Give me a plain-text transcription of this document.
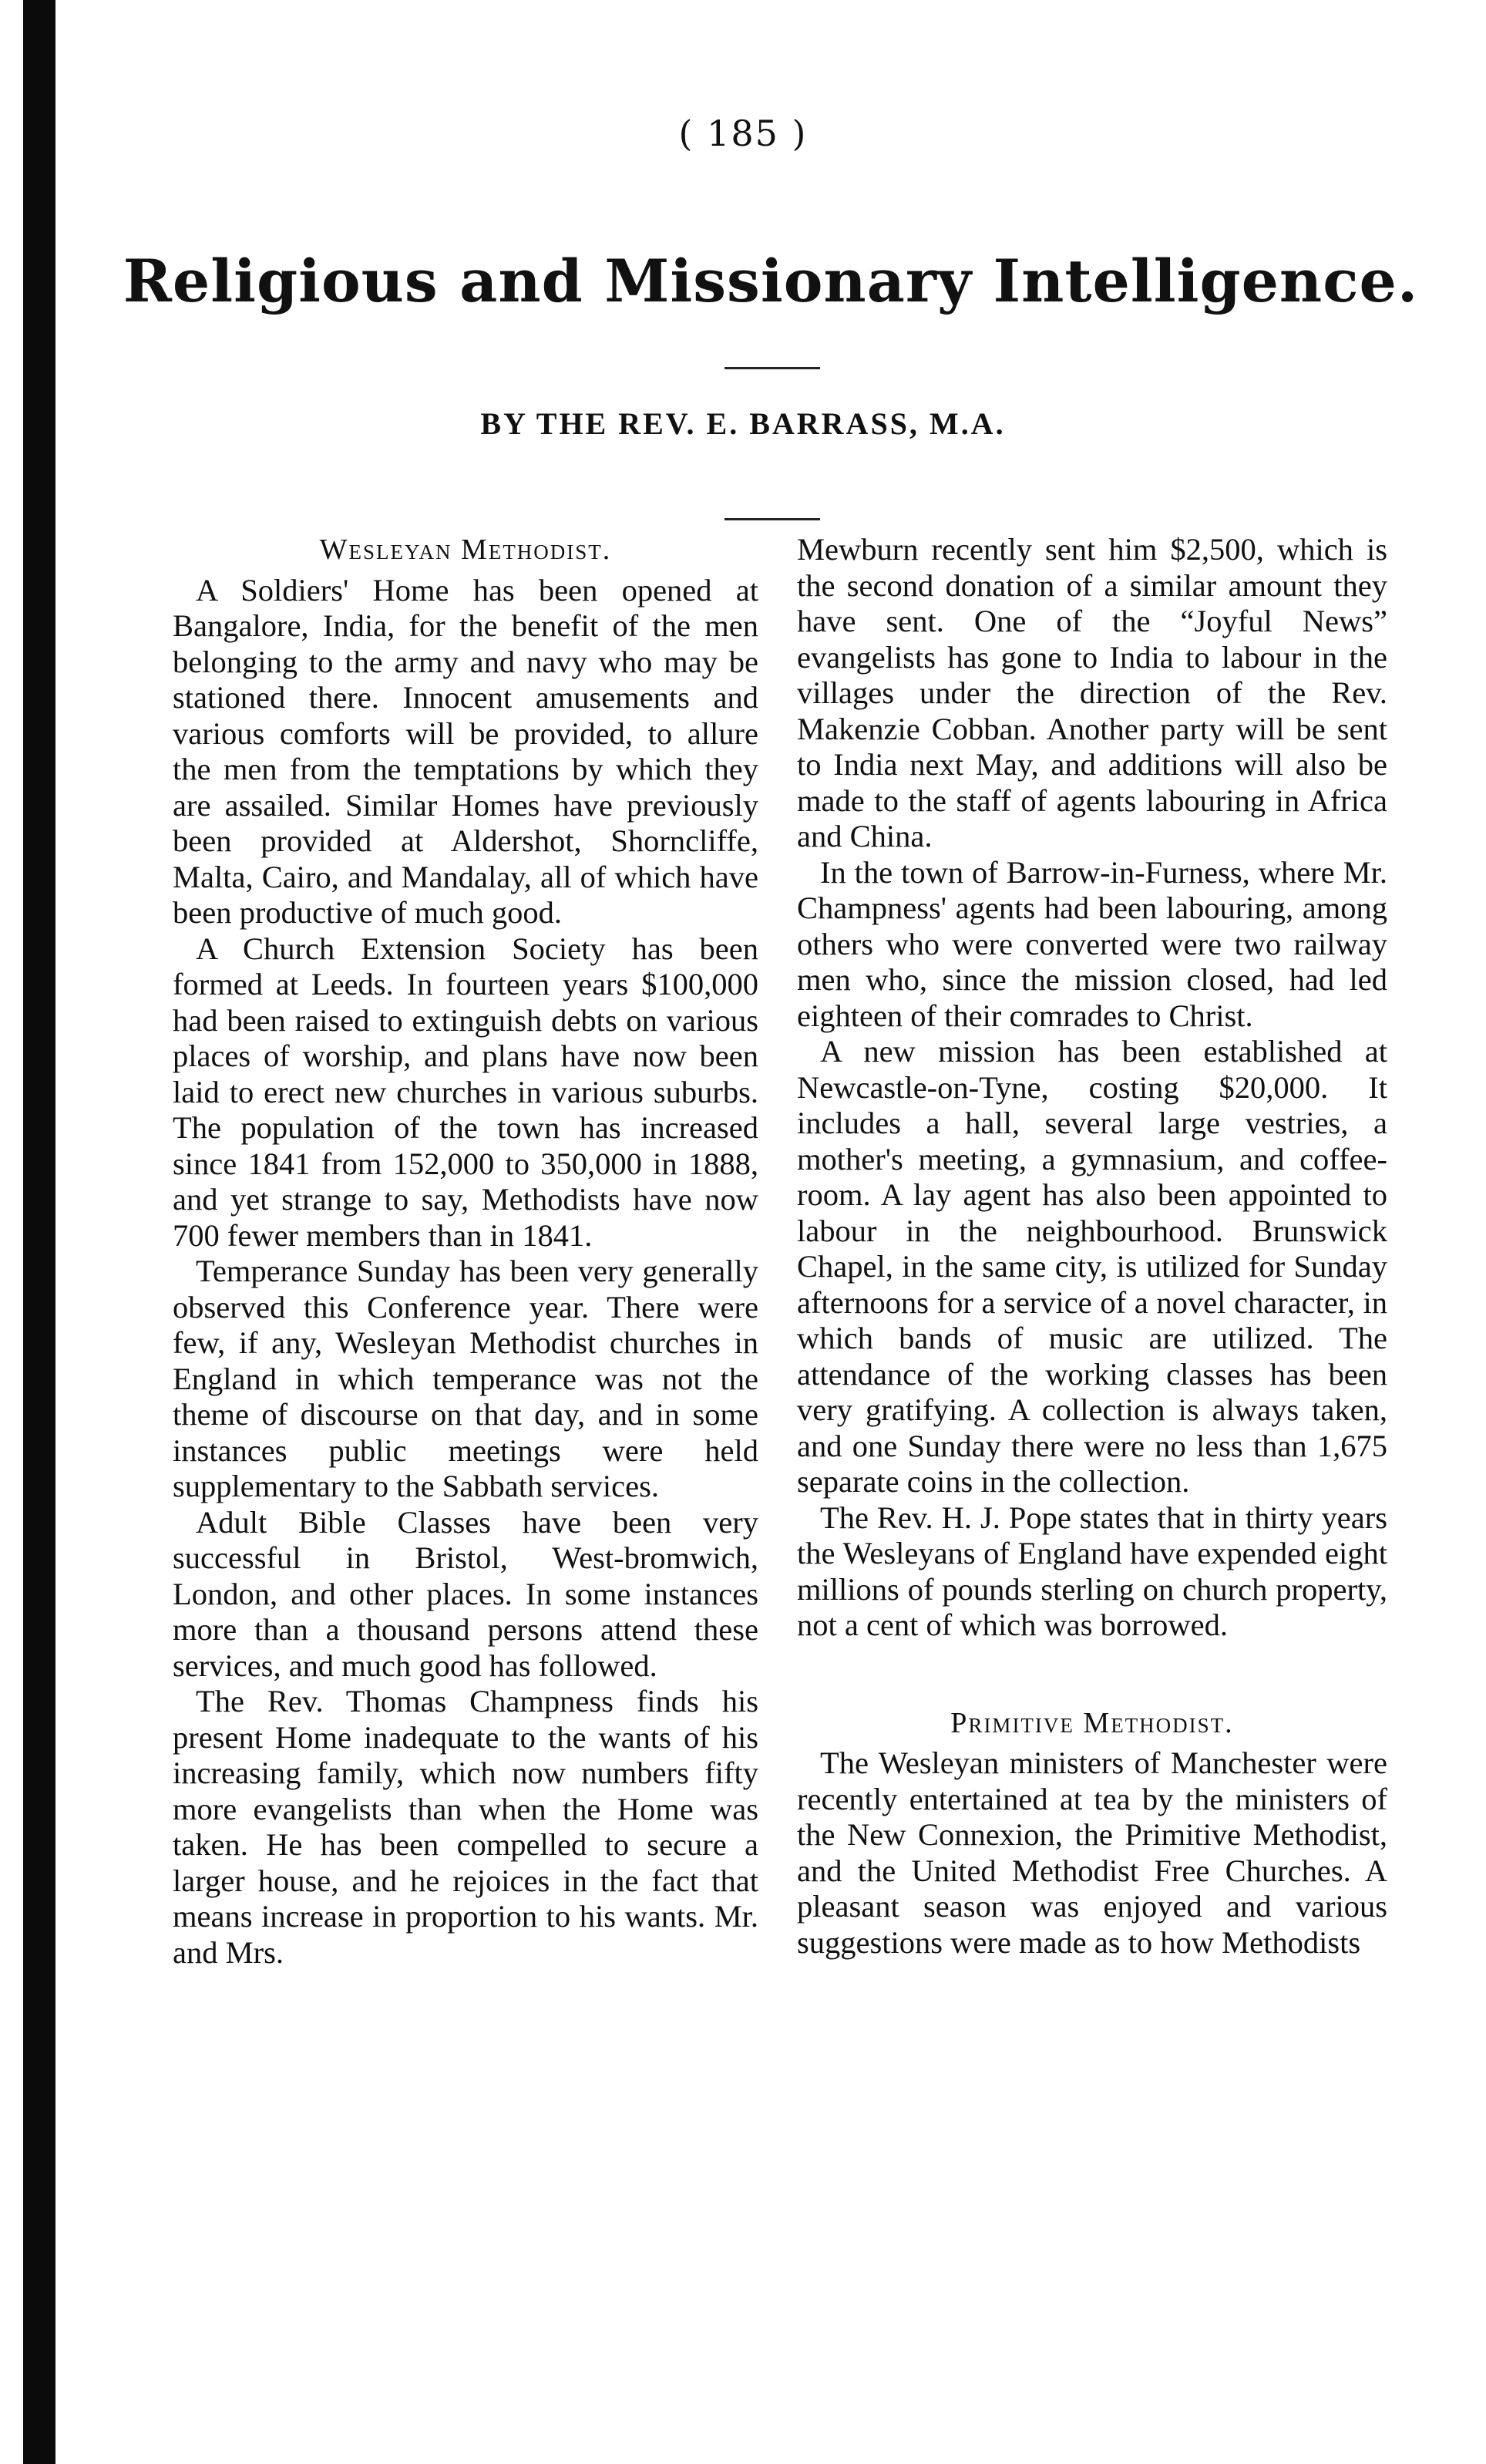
( 185 )
Religious and Missionary Intelligence.
BY THE REV. E. BARRASS, M.A.
Wesleyan Methodist.

A Soldiers' Home has been opened at Bangalore, India, for the benefit of the men belonging to the army and navy who may be stationed there. Innocent amusements and various comforts will be provided, to allure the men from the temptations by which they are assailed. Similar Homes have previously been provided at Aldershot, Shorncliffe, Malta, Cairo, and Mandalay, all of which have been productive of much good.

A Church Extension Society has been formed at Leeds. In fourteen years $100,000 had been raised to extinguish debts on various places of worship, and plans have now been laid to erect new churches in various suburbs. The population of the town has increased since 1841 from 152,000 to 350,000 in 1888, and yet strange to say, Methodists have now 700 fewer members than in 1841.

Temperance Sunday has been very generally observed this Conference year. There were few, if any, Wesleyan Methodist churches in England in which temperance was not the theme of discourse on that day, and in some instances public meetings were held supplementary to the Sabbath services.

Adult Bible Classes have been very successful in Bristol, West-bromwich, London, and other places. In some instances more than a thousand persons attend these services, and much good has followed.

The Rev. Thomas Champness finds his present Home inadequate to the wants of his increasing family, which now numbers fifty more evangelists than when the Home was taken. He has been compelled to secure a larger house, and he rejoices in the fact that means increase in proportion to his wants. Mr. and Mrs.

Mewburn recently sent him $2,500, which is the second donation of a similar amount they have sent. One of the “Joyful News” evangelists has gone to India to labour in the villages under the direction of the Rev. Makenzie Cobban. Another party will be sent to India next May, and additions will also be made to the staff of agents labouring in Africa and China.

In the town of Barrow-in-Furness, where Mr. Champness' agents had been labouring, among others who were converted were two railway men who, since the mission closed, had led eighteen of their comrades to Christ.

A new mission has been established at Newcastle-on-Tyne, costing $20,000. It includes a hall, several large vestries, a mother's meeting, a gymnasium, and coffee-room. A lay agent has also been appointed to labour in the neighbourhood. Brunswick Chapel, in the same city, is utilized for Sunday afternoons for a service of a novel character, in which bands of music are utilized. The attendance of the working classes has been very gratifying. A collection is always taken, and one Sunday there were no less than 1,675 separate coins in the collection.

The Rev. H. J. Pope states that in thirty years the Wesleyans of England have expended eight millions of pounds sterling on church property, not a cent of which was borrowed.

Primitive Methodist.

The Wesleyan ministers of Manchester were recently entertained at tea by the ministers of the New Connexion, the Primitive Methodist, and the United Methodist Free Churches. A pleasant season was enjoyed and various suggestions were made as to how Methodists
